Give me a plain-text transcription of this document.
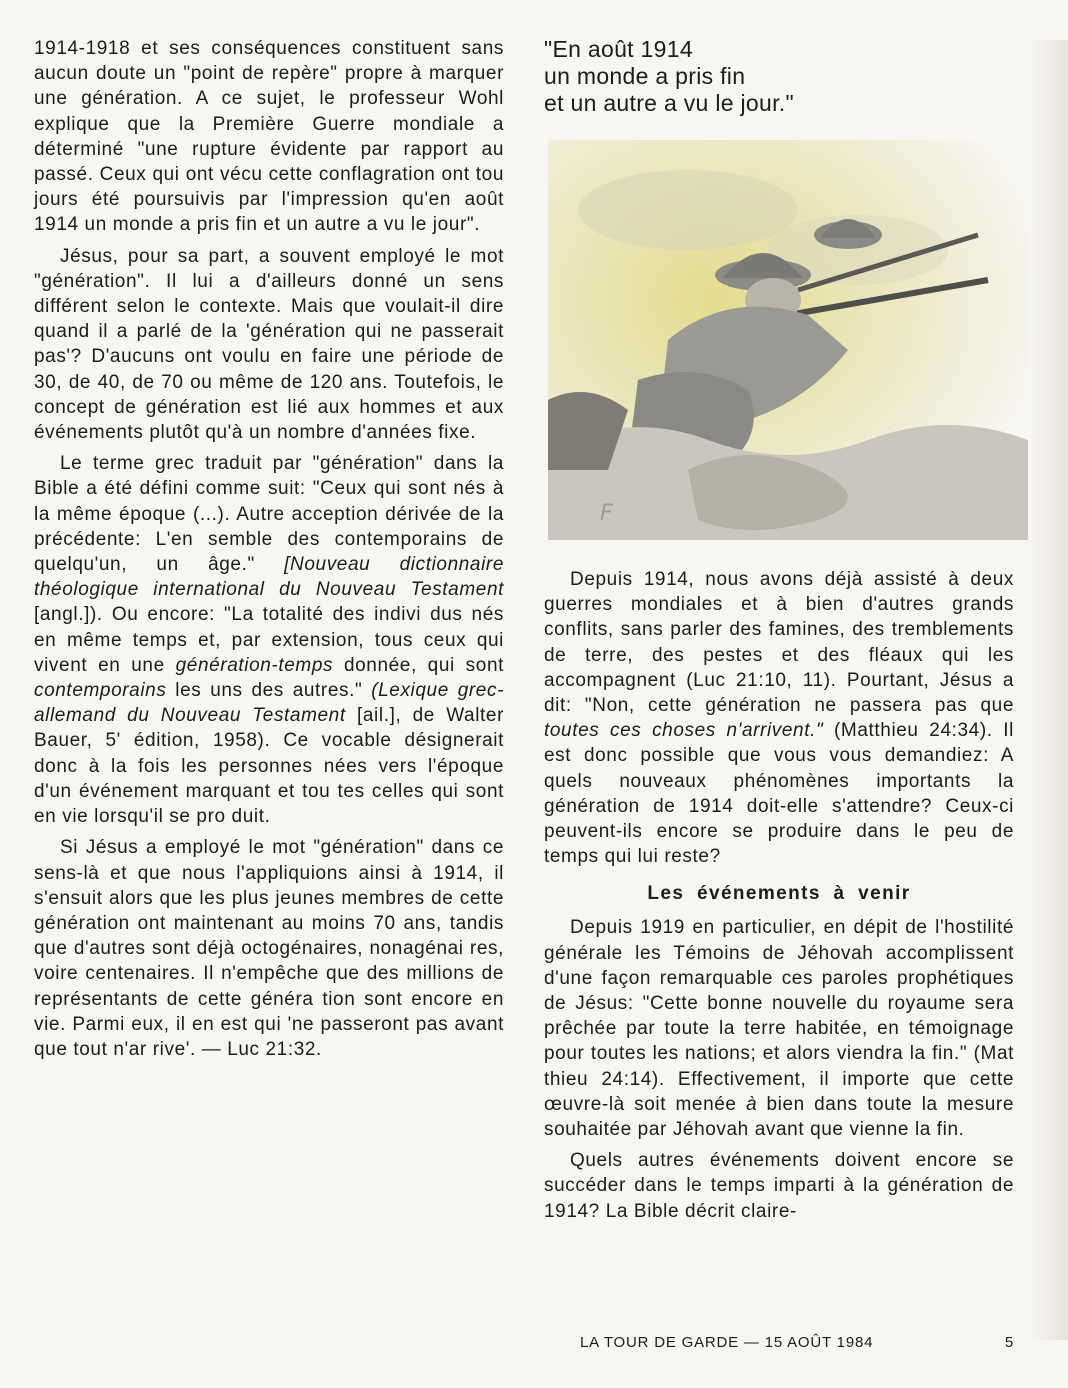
1914-1918 et ses conséquences constituent sans aucun doute un "point de repère" propre à marquer une génération. A ce sujet, le professeur Wohl explique que la Première Guerre mondiale a déterminé "une rupture évidente par rapport au passé. Ceux qui ont vécu cette conflagration ont tou jours été poursuivis par l'impression qu'en août 1914 un monde a pris fin et un autre a vu le jour".

Jésus, pour sa part, a souvent employé le mot "génération". Il lui a d'ailleurs donné un sens différent selon le contexte. Mais que voulait-il dire quand il a parlé de la 'génération qui ne passerait pas'? D'aucuns ont voulu en faire une période de 30, de 40, de 70 ou même de 120 ans. Toutefois, le concept de génération est lié aux hommes et aux événements plutôt qu'à un nombre d'années fixe.

Le terme grec traduit par "génération" dans la Bible a été défini comme suit: "Ceux qui sont nés à la même époque (...). Autre acception dérivée de la précédente: L'en semble des contemporains de quelqu'un, un âge." [Nouveau dictionnaire théologique international du Nouveau Testament [angl.]). Ou encore: "La totalité des indivi dus nés en même temps et, par extension, tous ceux qui vivent en une génération-temps donnée, qui sont contemporains les uns des autres." (Lexique grec-allemand du Nouveau Testament [ail.], de Walter Bauer, 5' édition, 1958). Ce vocable désignerait donc à la fois les personnes nées vers l'époque d'un événement marquant et tou tes celles qui sont en vie lorsqu'il se pro duit.

Si Jésus a employé le mot "génération" dans ce sens-là et que nous l'appliquions ainsi à 1914, il s'ensuit alors que les plus jeunes membres de cette génération ont maintenant au moins 70 ans, tandis que d'autres sont déjà octogénaires, nonagénai res, voire centenaires. Il n'empêche que des millions de représentants de cette généra tion sont encore en vie. Parmi eux, il en est qui 'ne passeront pas avant que tout n'ar rive'. — Luc 21:32.

"En août 1914
un monde a pris fin
et un autre a vu le jour."

F

Depuis 1914, nous avons déjà assisté à deux guerres mondiales et à bien d'autres grands conflits, sans parler des famines, des tremblements de terre, des pestes et des fléaux qui les accompagnent (Luc 21:10, 11). Pourtant, Jésus a dit: "Non, cette génération ne passera pas que toutes ces choses n'arrivent." (Matthieu 24:34). Il est donc possible que vous vous demandiez: A quels nouveaux phénomènes importants la génération de 1914 doit-elle s'attendre? Ceux-ci peuvent-ils encore se produire dans le peu de temps qui lui reste?

Les événements à venir

Depuis 1919 en particulier, en dépit de l'hostilité générale les Témoins de Jéhovah accomplissent d'une façon remarquable ces paroles prophétiques de Jésus: "Cette bonne nouvelle du royaume sera prêchée par toute la terre habitée, en témoignage pour toutes les nations; et alors viendra la fin." (Mat thieu 24:14). Effectivement, il importe que cette œuvre-là soit menée à bien dans toute la mesure souhaitée par Jéhovah avant que vienne la fin.

Quels autres événements doivent encore se succéder dans le temps imparti à la génération de 1914? La Bible décrit claire-

LA TOUR DE GARDE — 15 AOÛT 1984	5
